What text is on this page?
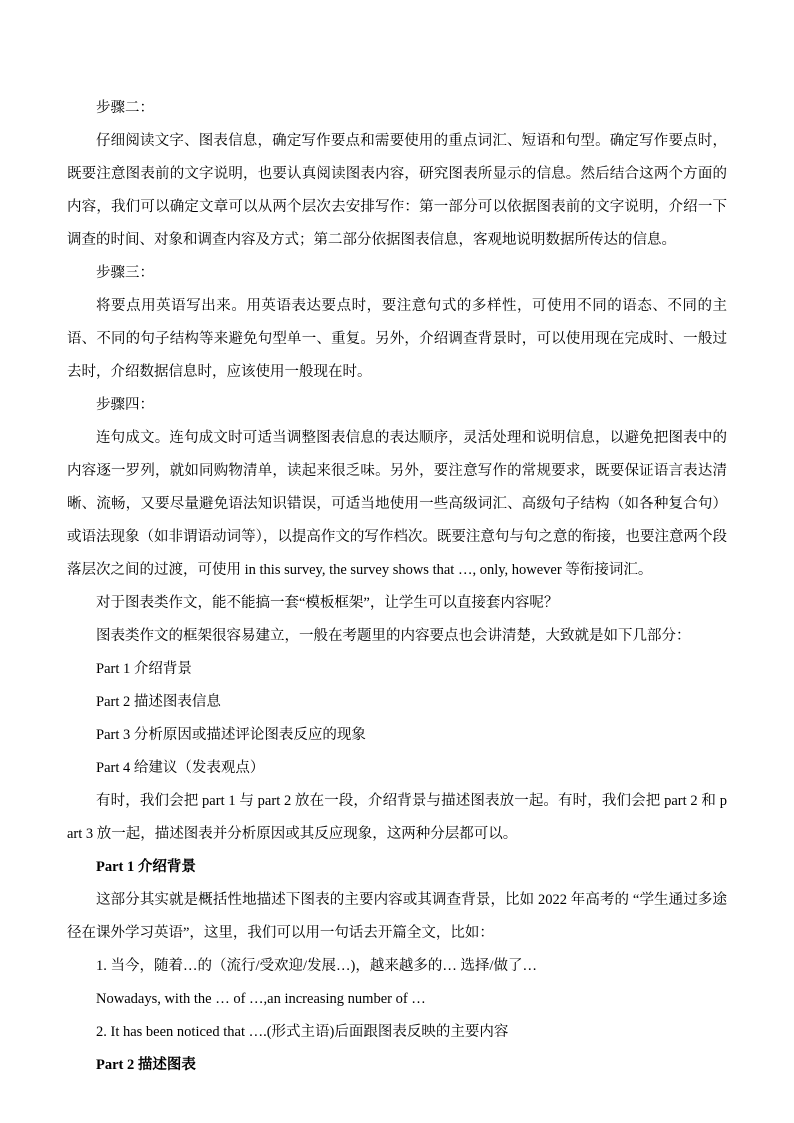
步骤二：

仔细阅读文字、图表信息，确定写作要点和需要使用的重点词汇、短语和句型。确定写作要点时，既要注意图表前的文字说明，也要认真阅读图表内容，研究图表所显示的信息。然后结合这两个方面的内容，我们可以确定文章可以从两个层次去安排写作：第一部分可以依据图表前的文字说明，介绍一下调查的时间、对象和调查内容及方式；第二部分依据图表信息，客观地说明数据所传达的信息。

步骤三：

将要点用英语写出来。用英语表达要点时，要注意句式的多样性，可使用不同的语态、不同的主语、不同的句子结构等来避免句型单一、重复。另外，介绍调查背景时，可以使用现在完成时、一般过去时，介绍数据信息时，应该使用一般现在时。

步骤四：

连句成文。连句成文时可适当调整图表信息的表达顺序，灵活处理和说明信息，以避免把图表中的内容逐一罗列，就如同购物清单，读起来很乏味。另外，要注意写作的常规要求，既要保证语言表达清晰、流畅，又要尽量避免语法知识错误，可适当地使用一些高级词汇、高级句子结构（如各种复合句）或语法现象（如非谓语动词等），以提高作文的写作档次。既要注意句与句之意的衔接，也要注意两个段落层次之间的过渡，可使用 in this survey, the survey shows that …, only, however 等衔接词汇。

对于图表类作文，能不能搞一套“模板框架”，让学生可以直接套内容呢？

图表类作文的框架很容易建立，一般在考题里的内容要点也会讲清楚，大致就是如下几部分：

Part 1 介绍背景

Part 2 描述图表信息

Part 3 分析原因或描述评论图表反应的现象

Part 4 给建议（发表观点）

有时，我们会把 part 1 与 part 2 放在一段，介绍背景与描述图表放一起。有时，我们会把 part 2 和 part 3 放一起，描述图表并分析原因或其反应现象，这两种分层都可以。

Part 1 介绍背景

这部分其实就是概括性地描述下图表的主要内容或其调查背景，比如 2022 年高考的 “学生通过多途径在课外学习英语”，这里，我们可以用一句话去开篇全文，比如：

1. 当今，随着…的（流行/受欢迎/发展…)，越来越多的… 选择/做了…

Nowadays, with the … of …,an increasing number of …

2. It has been noticed that ….(形式主语)后面跟图表反映的主要内容

Part 2 描述图表
